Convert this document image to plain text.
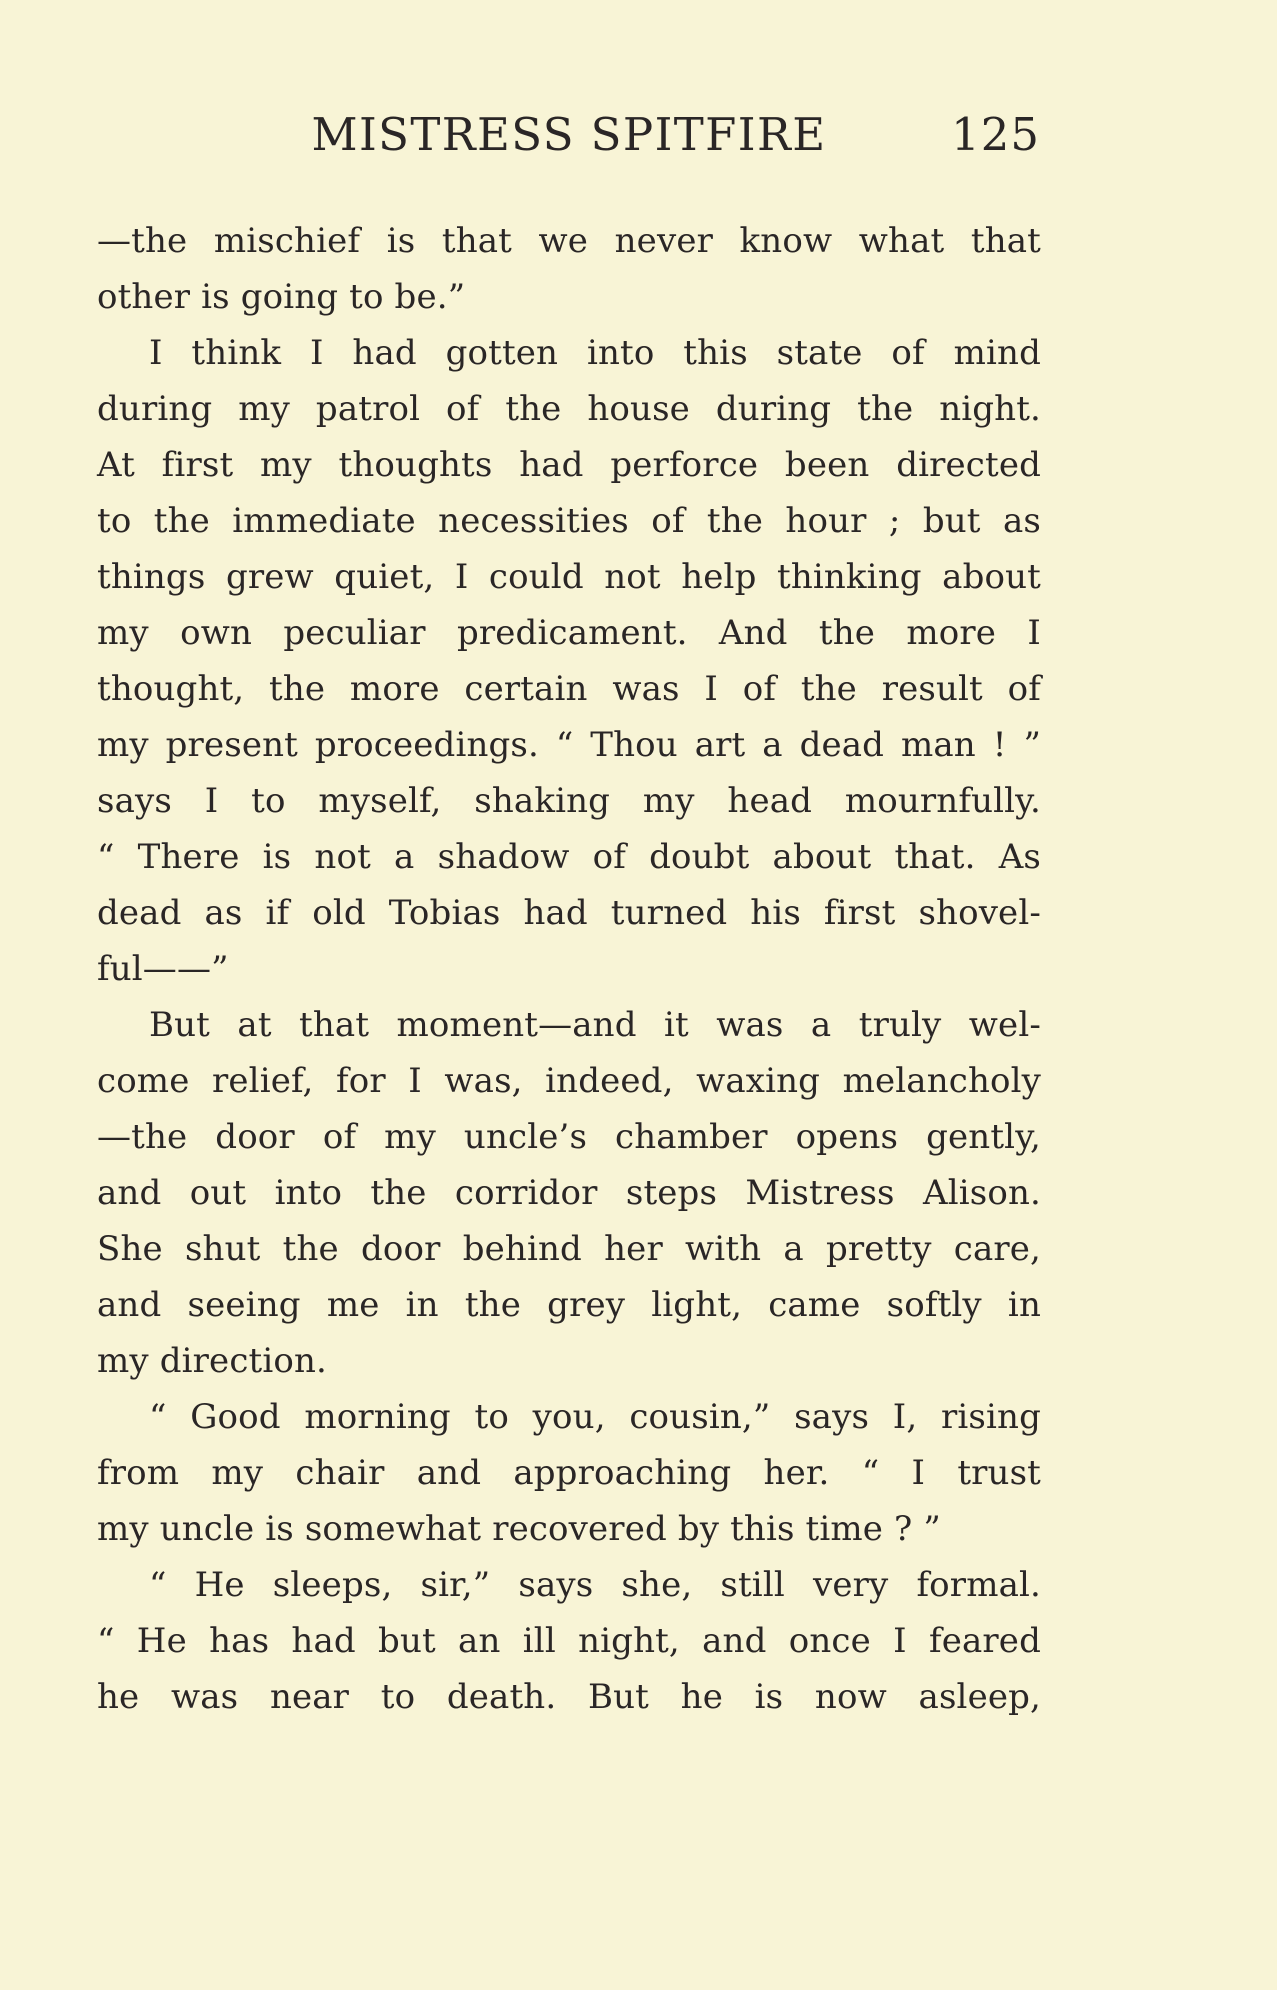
MISTRESS SPITFIRE	125
—the mischief is that we never know what that
other is going to be.”
I think I had gotten into this state of mind
during my patrol of the house during the night.
At first my thoughts had perforce been directed
to the immediate necessities of the hour ; but as
things grew quiet, I could not help thinking about
my own peculiar predicament. And the more I
thought, the more certain was I of the result of
my present proceedings. “ Thou art a dead man ! ”
says I to myself, shaking my head mournfully.
“ There is not a shadow of doubt about that. As
dead as if old Tobias had turned his first shovel-
ful——”
But at that moment—and it was a truly wel-
come relief, for I was, indeed, waxing melancholy
—the door of my uncle’s chamber opens gently,
and out into the corridor steps Mistress Alison.
She shut the door behind her with a pretty care,
and seeing me in the grey light, came softly in
my direction.
“ Good morning to you, cousin,” says I, rising
from my chair and approaching her. “ I trust
my uncle is somewhat recovered by this time ? ”
“ He sleeps, sir,” says she, still very formal.
“ He has had but an ill night, and once I feared
he was near to death. But he is now asleep,
